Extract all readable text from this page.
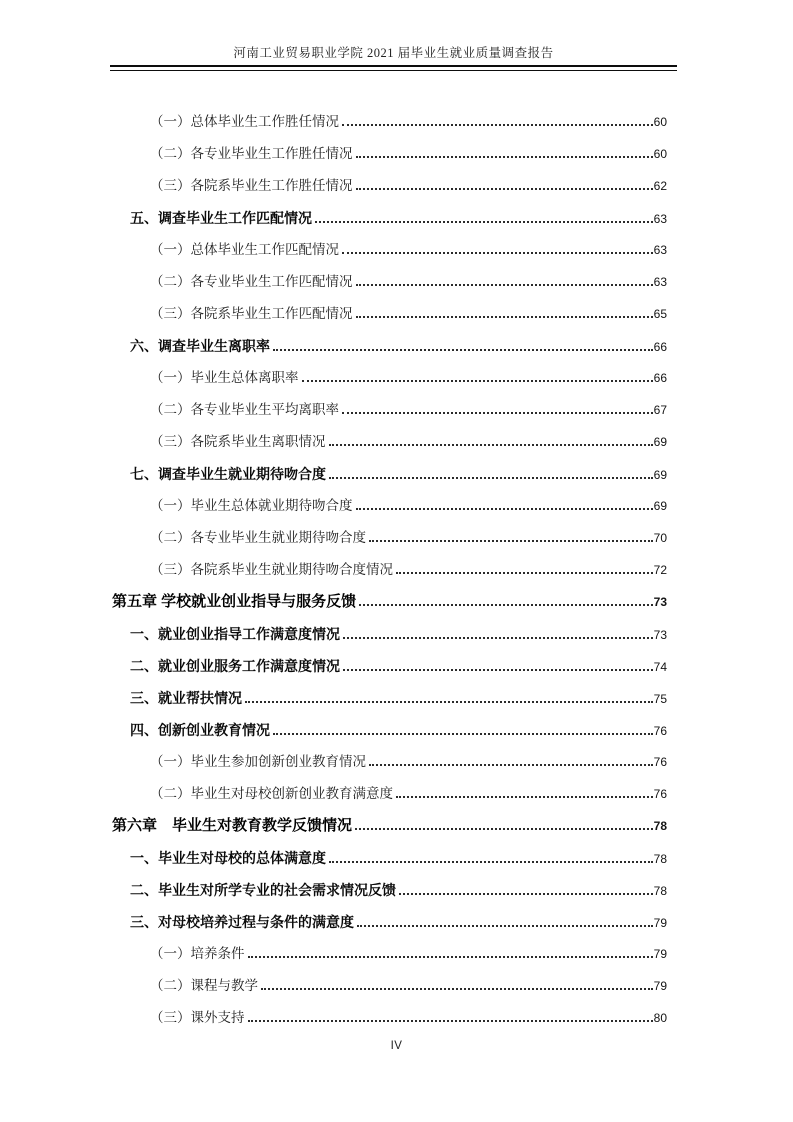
河南工业贸易职业学院 2021 届毕业生就业质量调查报告
（一）总体毕业生工作胜任情况	60
（二）各专业毕业生工作胜任情况	60
（三）各院系毕业生工作胜任情况	62
五、调查毕业生工作匹配情况	63
（一）总体毕业生工作匹配情况	63
（二）各专业毕业生工作匹配情况	63
（三）各院系毕业生工作匹配情况	65
六、调查毕业生离职率	66
（一）毕业生总体离职率	66
（二）各专业毕业生平均离职率	67
（三）各院系毕业生离职情况	69
七、调查毕业生就业期待吻合度	69
（一）毕业生总体就业期待吻合度	69
（二）各专业毕业生就业期待吻合度	70
（三）各院系毕业生就业期待吻合度情况	72
第五章 学校就业创业指导与服务反馈	73
一、就业创业指导工作满意度情况	73
二、就业创业服务工作满意度情况	74
三、就业帮扶情况	75
四、创新创业教育情况	76
（一）毕业生参加创新创业教育情况	76
（二）毕业生对母校创新创业教育满意度	76
第六章　毕业生对教育教学反馈情况	78
一、毕业生对母校的总体满意度	78
二、毕业生对所学专业的社会需求情况反馈	78
三、对母校培养过程与条件的满意度	79
（一）培养条件	79
（二）课程与教学	79
（三）课外支持	80
IV
